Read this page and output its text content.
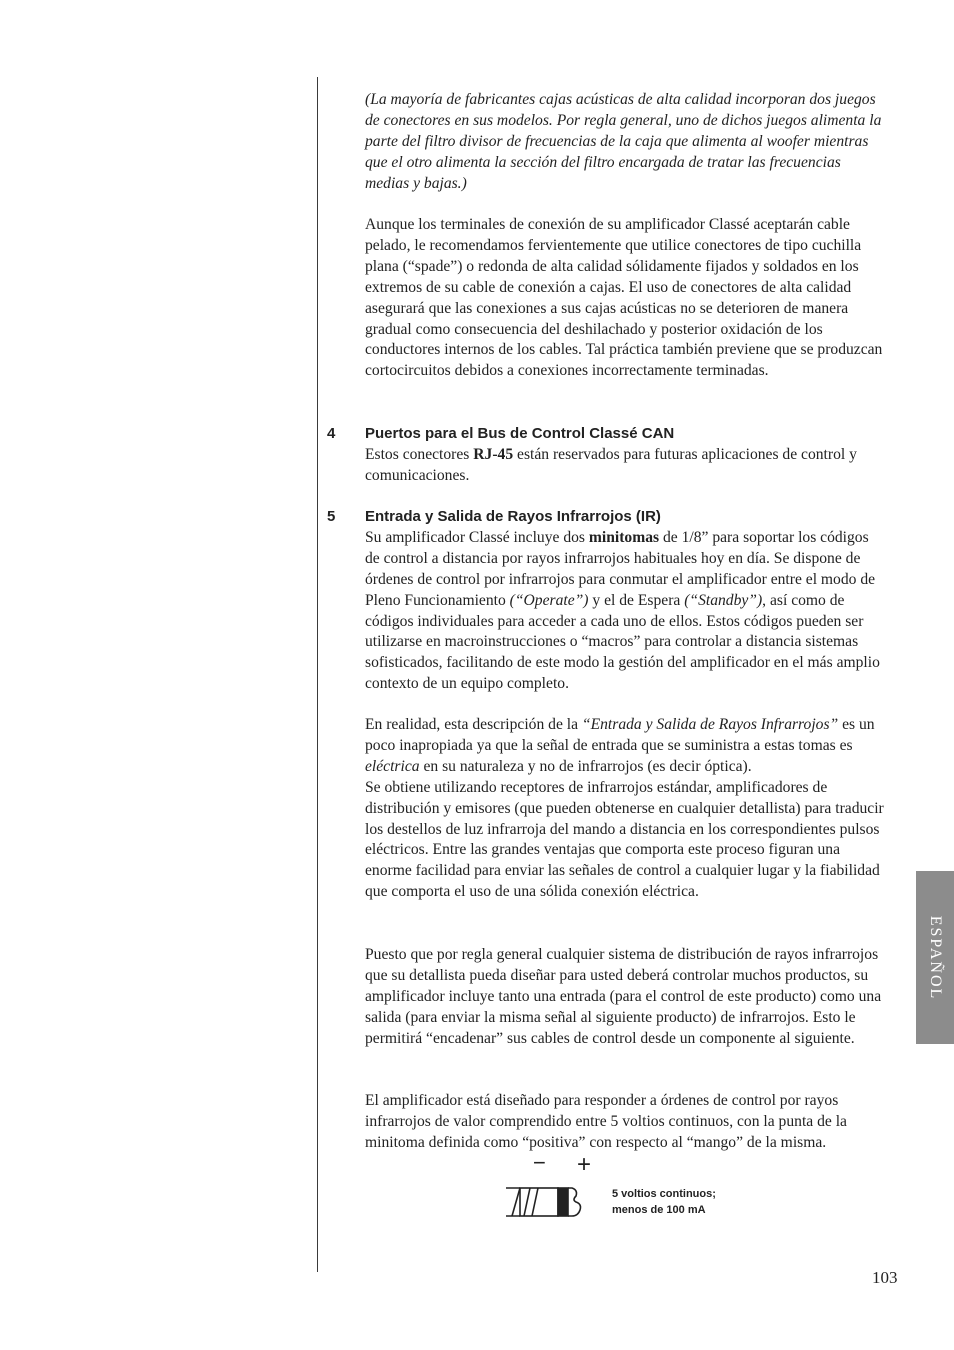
(La mayoría de fabricantes cajas acústicas de alta calidad incorporan dos juegos de conectores en sus modelos. Por regla general, uno de dichos juegos alimenta la parte del filtro divisor de frecuencias de la caja que alimenta al woofer mientras que el otro alimenta la sección del filtro encargada de tratar las frecuencias medias y bajas.)

Aunque los terminales de conexión de su amplificador Classé aceptarán cable pelado, le recomendamos fervientemente que utilice conectores de tipo cuchilla plana (“spade”) o redonda de alta calidad sólidamente fijados y soldados en los extremos de su cable de conexión a cajas. El uso de conectores de alta calidad asegurará que las conexiones a sus cajas acústicas no se deterioren de manera gradual como consecuencia del deshilachado y posterior oxidación de los conductores internos de los cables. Tal práctica también previene que se produzcan cortocircuitos debidos a conexiones incorrectamente terminadas.

4 Puertos para el Bus de Control Classé CAN
Estos conectores RJ-45 están reservados para futuras aplicaciones de control y comunicaciones.
5 Entrada y Salida de Rayos Infrarrojos (IR)
Su amplificador Classé incluye dos minitomas de 1/8” para soportar los códigos de control a distancia por rayos infrarrojos habituales hoy en día. Se dispone de órdenes de control por infrarrojos para conmutar el amplificador entre el modo de Pleno Funcionamiento (“Operate”) y el de Espera (“Standby”), así como de códigos individuales para acceder a cada uno de ellos. Estos códigos pueden ser utilizarse en macroinstrucciones o “macros” para controlar a distancia sistemas sofisticados, facilitando de este modo la gestión del amplificador en el más amplio contexto de un equipo completo.

En realidad, esta descripción de la “Entrada y Salida de Rayos Infrarrojos” es un poco inapropiada ya que la señal de entrada que se suministra a estas tomas es eléctrica en su naturaleza y no de infrarrojos (es decir óptica).
Se obtiene utilizando receptores de infrarrojos estándar, amplificadores de distribución y emisores (que pueden obtenerse en cualquier detallista) para traducir los destellos de luz infrarroja del mando a distancia en los correspondientes pulsos eléctricos. Entre las grandes ventajas que comporta este proceso figuran una enorme facilidad para enviar las señales de control a cualquier lugar y la fiabilidad que comporta el uso de una sólida conexión eléctrica.

Puesto que por regla general cualquier sistema de distribución de rayos infrarrojos que su detallista pueda diseñar para usted deberá controlar muchos productos, su amplificador incluye tanto una entrada (para el control de este producto) como una salida (para enviar la misma señal al siguiente producto) de infrarrojos. Esto le permitirá “encadenar” sus cables de control desde un componente al siguiente.

El amplificador está diseñado para responder a órdenes de control por rayos infrarrojos de valor comprendido entre 5 voltios continuos, con la punta de la minitoma definida como “positiva” con respecto al “mango” de la misma.

− +
5 voltios continuos;
menos de 100 mA
ESPAÑOL
103
